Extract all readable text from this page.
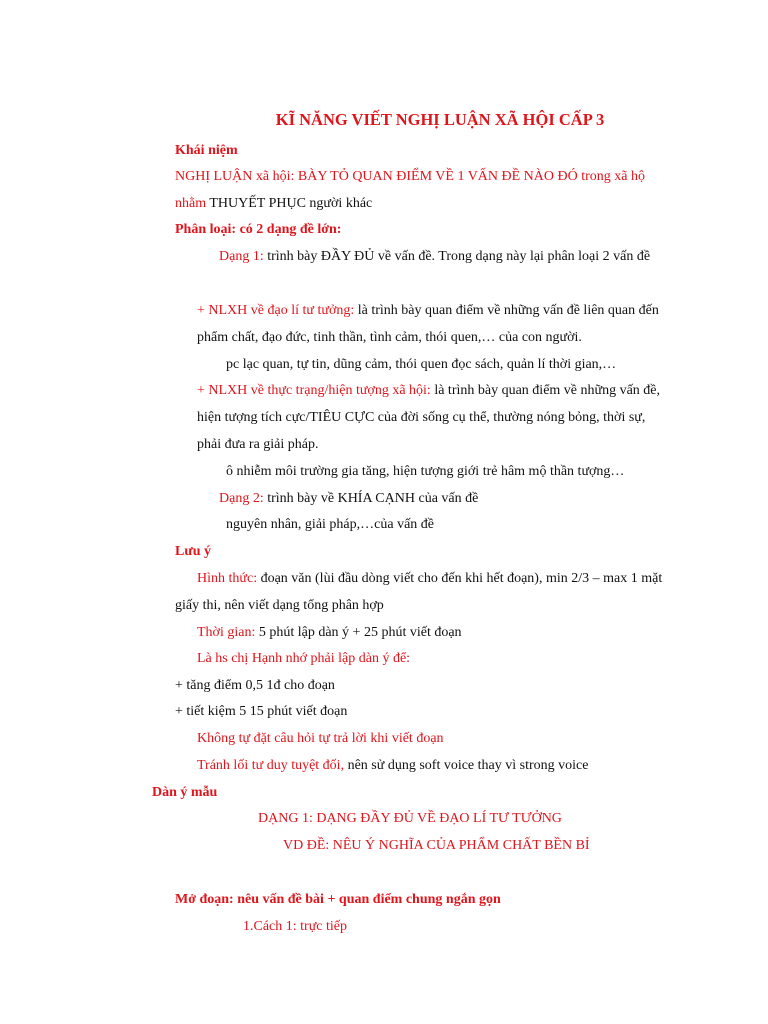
KĨ NĂNG VIẾT NGHỊ LUẬN XÃ HỘI CẤP 3
Khái niệm
NGHỊ LUẬN xã hội: BÀY TỎ QUAN ĐIỂM VỀ 1 VẤN ĐỀ NÀO ĐÓ trong xã hộ
nhằm THUYẾT PHỤC người khác
Phân loại: có 2 dạng đề lớn:
Dạng 1: trình bày ĐẦY ĐỦ về vấn đề. Trong dạng này lại phân loại 2 vấn đề
+ NLXH về đạo lí tư tưởng: là trình bày quan điểm về những vấn đề liên quan đến
phẩm chất, đạo đức, tinh thần, tình cảm, thói quen,… của con người.
pc lạc quan, tự tin, dũng cảm, thói quen đọc sách, quản lí thời gian,…
+ NLXH về thực trạng/hiện tượng xã hội: là trình bày quan điểm về những vấn đề,
hiện tượng tích cực/TIÊU CỰC của đời sống cụ thể, thường nóng bỏng, thời sự,
phải đưa ra giải pháp.
ô nhiễm môi trường gia tăng, hiện tượng giới trẻ hâm mộ thần tượng…
Dạng 2: trình bày về KHÍA CẠNH của vấn đề
nguyên nhân, giải pháp,…của vấn đề
Lưu ý
Hình thức: đoạn văn (lùi đầu dòng viết cho đến khi hết đoạn), min 2/3 – max 1 mặt
giấy thi, nên viết dạng tổng phân hợp
Thời gian: 5 phút lập dàn ý + 25 phút viết đoạn
Là hs chị Hạnh nhớ phải lập dàn ý để:
+ tăng điểm 0,5 1đ cho đoạn
+ tiết kiệm 5 15 phút viết đoạn
Không tự đặt câu hỏi tự trả lời khi viết đoạn
Tránh lối tư duy tuyệt đối, nên sử dụng soft voice thay vì strong voice
Dàn ý mẫu
DẠNG 1: DẠNG ĐẦY ĐỦ VỀ ĐẠO LÍ TƯ TƯỞNG
VD ĐỀ: NÊU Ý NGHĨA CỦA PHẨM CHẤT BỀN BỈ
Mở đoạn: nêu vấn đề bài + quan điểm chung ngắn gọn
1.Cách 1: trực tiếp
